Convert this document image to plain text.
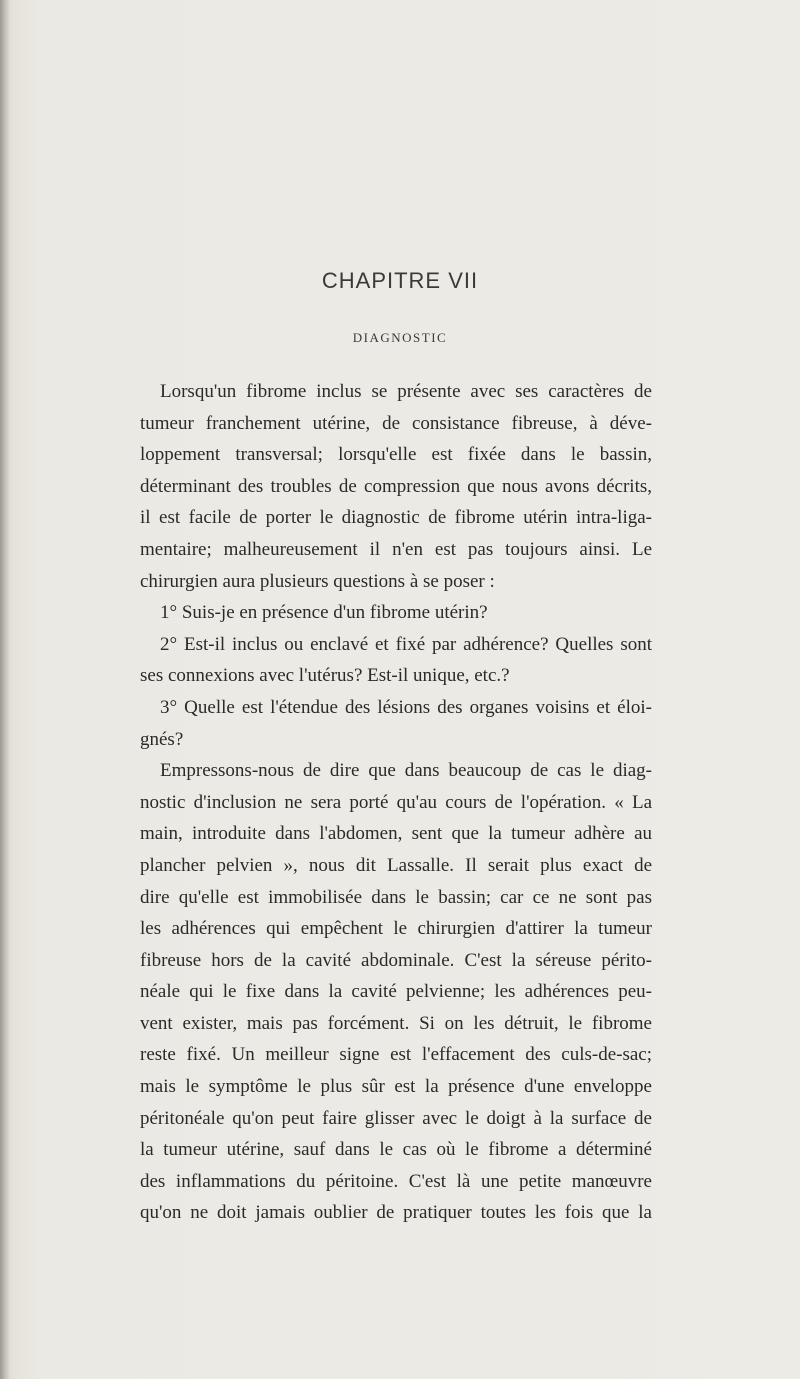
CHAPITRE VII
DIAGNOSTIC
Lorsqu'un fibrome inclus se présente avec ses caractères de
tumeur franchement utérine, de consistance fibreuse, à déve-
loppement transversal; lorsqu'elle est fixée dans le bassin,
déterminant des troubles de compression que nous avons décrits,
il est facile de porter le diagnostic de fibrome utérin intra-liga-
mentaire; malheureusement il n'en est pas toujours ainsi. Le
chirurgien aura plusieurs questions à se poser :
1° Suis-je en présence d'un fibrome utérin?
2° Est-il inclus ou enclavé et fixé par adhérence? Quelles sont
ses connexions avec l'utérus? Est-il unique, etc.?
3° Quelle est l'étendue des lésions des organes voisins et éloi-
gnés?
Empressons-nous de dire que dans beaucoup de cas le diag-
nostic d'inclusion ne sera porté qu'au cours de l'opération. « La
main, introduite dans l'abdomen, sent que la tumeur adhère au
plancher pelvien », nous dit Lassalle. Il serait plus exact de
dire qu'elle est immobilisée dans le bassin; car ce ne sont pas
les adhérences qui empêchent le chirurgien d'attirer la tumeur
fibreuse hors de la cavité abdominale. C'est la séreuse périto-
néale qui le fixe dans la cavité pelvienne; les adhérences peu-
vent exister, mais pas forcément. Si on les détruit, le fibrome
reste fixé. Un meilleur signe est l'effacement des culs-de-sac;
mais le symptôme le plus sûr est la présence d'une enveloppe
péritonéale qu'on peut faire glisser avec le doigt à la surface de
la tumeur utérine, sauf dans le cas où le fibrome a déterminé
des inflammations du péritoine. C'est là une petite manœuvre
qu'on ne doit jamais oublier de pratiquer toutes les fois que la
